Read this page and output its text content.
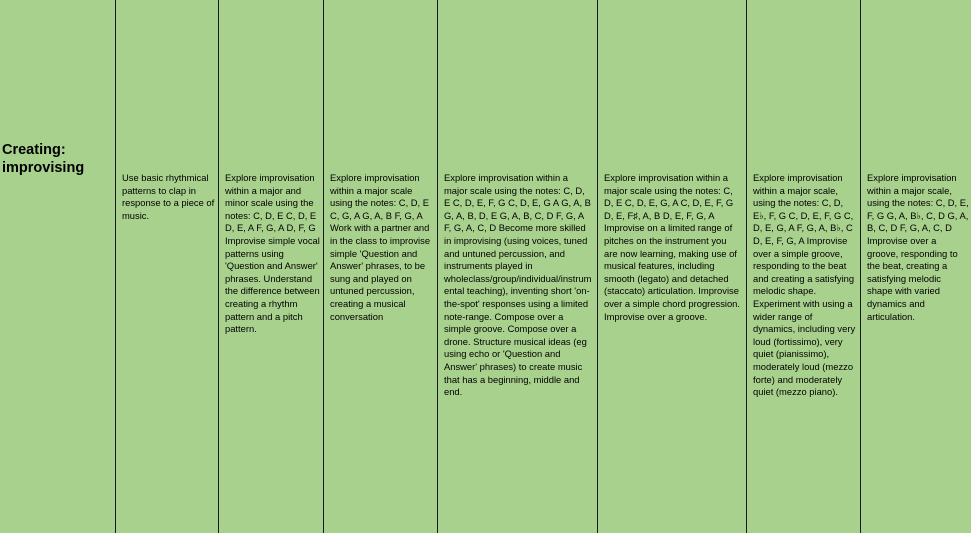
Creating:
improvising
Use basic rhythmical patterns to clap in response to a piece of music.
Explore improvisation within a major and minor scale using the notes: C, D, E C, D, E D, E, A F, G, A D, F, G Improvise simple vocal patterns using 'Question and Answer' phrases. Understand the difference between creating a rhythm pattern and a pitch pattern.
Explore improvisation within a major scale using the notes: C, D, E C, G, A G, A, B F, G, A Work with a partner and in the class to improvise simple 'Question and Answer' phrases, to be sung and played on untuned percussion, creating a musical conversation
Explore improvisation within a major scale using the notes: C, D, E C, D, E, F, G C, D, E, G A G, A, B G, A, B, D, E G, A, B, C, D F, G, A F, G, A, C, D Become more skilled in improvising (using voices, tuned and untuned percussion, and instruments played in wholeclass/group/individual/instrumental teaching), inventing short 'on-the-spot' responses using a limited note-range. Compose over a simple groove. Compose over a drone. Structure musical ideas (eg using echo or 'Question and Answer' phrases) to create music that has a beginning, middle and end.
Explore improvisation within a major scale using the notes: C, D, E C, D, E, G, A C, D, E, F, G D, E, F♯, A, B D, E, F, G, A Improvise on a limited range of pitches on the instrument you are now learning, making use of musical features, including smooth (legato) and detached (staccato) articulation. Improvise over a simple chord progression. Improvise over a groove.
Explore improvisation within a major scale, using the notes: C, D, E♭, F, G C, D, E, F, G C, D, E, G, A F, G, A, B♭, C D, E, F, G, A Improvise over a simple groove, responding to the beat and creating a satisfying melodic shape. Experiment with using a wider range of dynamics, including very loud (fortissimo), very quiet (pianissimo), moderately loud (mezzo forte) and moderately quiet (mezzo piano).
Explore improvisation within a major scale, using the notes: C, D, E, F, G G, A, B♭, C, D G, A, B, C, D F, G, A, C, D Improvise over a groove, responding to the beat, creating a satisfying melodic shape with varied dynamics and articulation.
